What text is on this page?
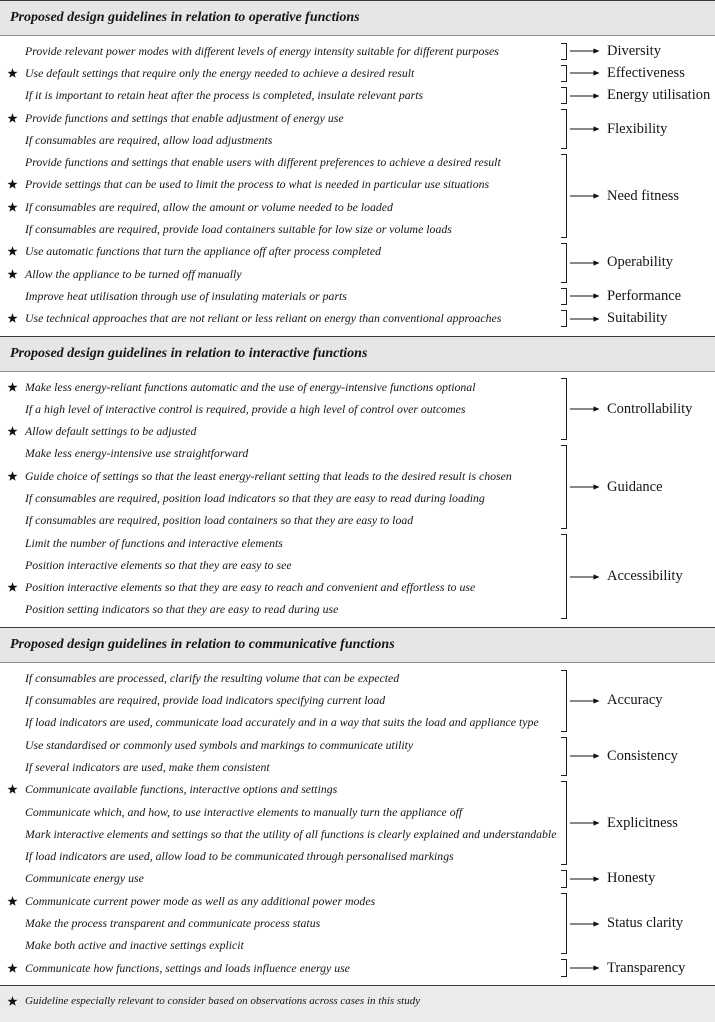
Proposed design guidelines in relation to operative functions
Provide relevant power modes with different levels of energy intensity suitable for different purposes	Diversity
Use default settings that require only the energy needed to achieve a desired result	Effectiveness
If it is important to retain heat after the process is completed, insulate relevant parts	Energy utilisation
Provide functions and settings that enable adjustment of energy use
If consumables are required, allow load adjustments
Flexibility
Provide functions and settings that enable users with different preferences to achieve a desired result
Provide settings that can be used to limit the process to what is needed in particular use situations
If consumables are required, allow the amount or volume needed to be loaded
If consumables are required, provide load containers suitable for low size or volume loads
Need fitness
Use automatic functions that turn the appliance off after process completed
Allow the appliance to be turned off manually
Operability
Improve heat utilisation through use of insulating materials or parts	Performance
Use technical approaches that are not reliant or less reliant on energy than conventional approaches	Suitability
Proposed design guidelines in relation to interactive functions
Make less energy-reliant functions automatic and the use of energy-intensive functions optional
If a high level of interactive control is required, provide a high level of control over outcomes
Allow default settings to be adjusted
Controllability
Make less energy-intensive use straightforward
Guide choice of settings so that the least energy-reliant setting that leads to the desired result is chosen
If consumables are required, position load indicators so that they are easy to read during loading
If consumables are required, position load containers so that they are easy to load
Guidance
Limit the number of functions and interactive elements
Position interactive elements so that they are easy to see
Position interactive elements so that they are easy to reach and convenient and effortless to use
Position setting indicators so that they are easy to read during use
Accessibility
Proposed design guidelines in relation to communicative functions
If consumables are processed, clarify the resulting volume that can be expected
If consumables are required, provide load indicators specifying current load
If load indicators are used, communicate load accurately and in a way that suits the load and appliance type
Accuracy
Use standardised or commonly used symbols and markings to communicate utility
If several indicators are used, make them consistent
Consistency
Communicate available functions, interactive options and settings
Communicate which, and how, to use interactive elements to manually turn the appliance off
Mark interactive elements and settings so that the utility of all functions is clearly explained and understandable
If load indicators are used, allow load to be communicated through personalised markings
Explicitness
Communicate energy use	Honesty
Communicate current power mode as well as any additional power modes
Make the process transparent and communicate process status
Make both active and inactive settings explicit
Status clarity
Communicate how functions, settings and loads influence energy use	Transparency
Guideline especially relevant to consider based on observations across cases in this study
